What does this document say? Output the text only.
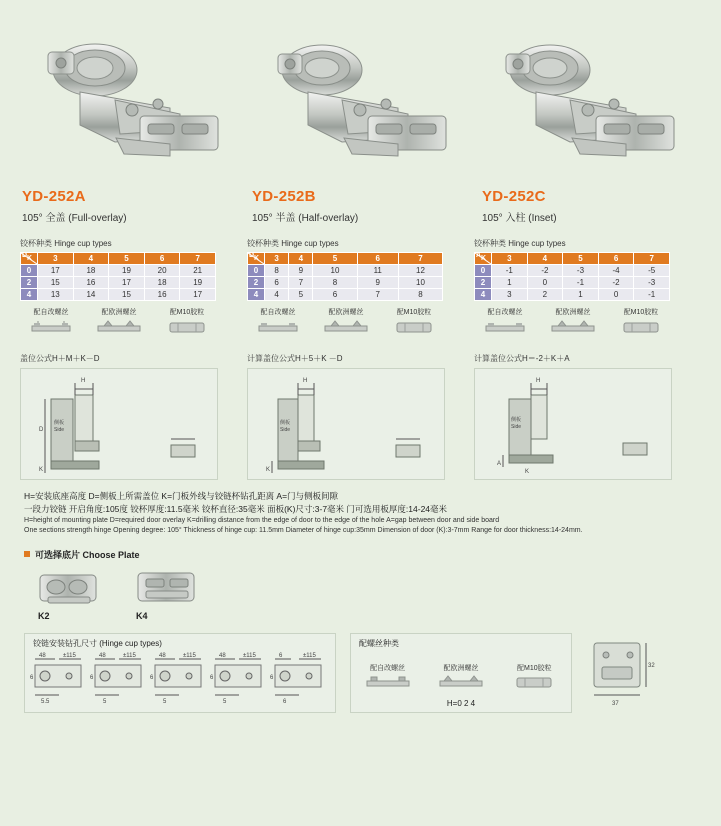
YD-252A
105° 全盖 (Full-overlay)
YD-252B
105° 半盖 (Half-overlay)
YD-252C
105° 入柱 (Inset)
铰杯种类 Hinge cup types
D K	3	4	5	6	7
0	17	18	19	20	21
2	15	16	17	18	19
4	13	14	15	16	17
配自改螺丝	配欧洲螺丝	配M10胶粒
铰杯种类 Hinge cup types
D K	3	4	5	6	7
0	8	9	10	11	12
2	6	7	8	9	10
4	4	5	6	7	8
配自改螺丝	配欧洲螺丝	配M10胶粒
铰杯种类 Hinge cup types
A K	3	4	5	6	7
0	-1	-2	-3	-4	-5
2	1	0	-1	-2	-3
4	3	2	1	0	-1
配自改螺丝	配欧洲螺丝	配M10胶粒
盖位公式H＋M＋K－D
侧板
Side
H
D
K
计算盖位公式H＋5＋K －D
侧板
Side
H
K
计算盖位公式H＝-2＋K＋A
侧板
Side
H
A
K
H=安装底座高度 D=侧板上所需盖位 K=门板外线与铰链杯钻孔距离 A=门与侧板间隙
一段力铰链 开启角度:105度 铰杯厚度:11.5毫米 铰杯直径:35毫米 面板(K)尺寸:3-7毫米 门可选用板厚度:14-24毫米
H=height of mounting plate D=required door overlay K=drilling distance from the edge of door to the edge of the hole A=gap between door and side board
One sections strength hinge Opening degree: 105° Thickness of hinge cup: 11.5mm Diameter of hinge cup:35mm Dimension of door (K):3-7mm Range for door thickness:14-24mm.
可选择底片 Choose Plate
K2	K4
铰链安装钻孔尺寸 (Hinge cup types)
48	±115
5.5
6
48	±115
5
6
48	±115
5
6
48	±115
5
6
6	±115
6
6
配螺丝种类
配自改螺丝	配欧洲螺丝	配M10胶粒
H=0 2 4
32
37
